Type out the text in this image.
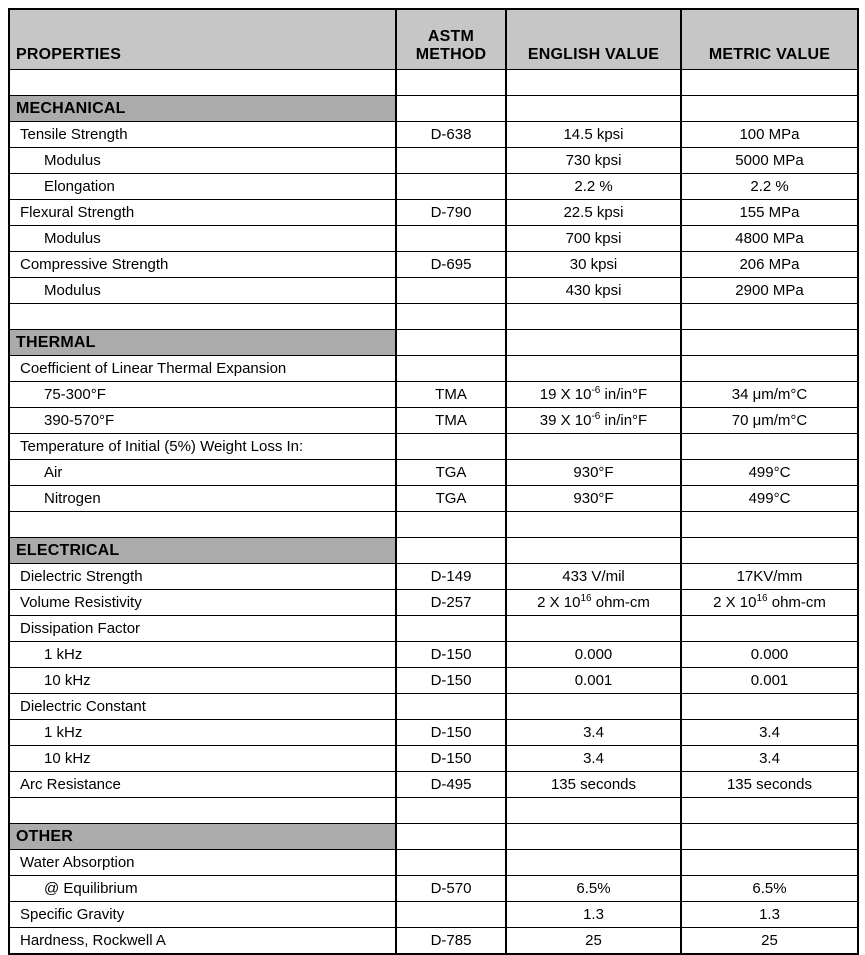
PROPERTIES	ASTM METHOD	ENGLISH VALUE	METRIC VALUE

MECHANICAL			
Tensile Strength	D-638	14.5 kpsi	100 MPa
Modulus		730 kpsi	5000 MPa
Elongation		2.2 %	2.2 %
Flexural Strength	D-790	22.5 kpsi	155 MPa
Modulus		700 kpsi	4800 MPa
Compressive Strength	D-695	30 kpsi	206 MPa
Modulus		430 kpsi	2900 MPa

THERMAL			
Coefficient of Linear Thermal Expansion			
75-300°F	TMA	19 X $10^{-6}$ in/in°F	34 μm/m°C
390-570°F	TMA	39 X $10^{-6}$ in/in°F	70 μm/m°C
Temperature of Initial (5%) Weight Loss In:			
Air	TGA	930°F	499°C
Nitrogen	TGA	930°F	499°C

ELECTRICAL			
Dielectric Strength	D-149	433 V/mil	17KV/mm
Volume Resistivity	D-257	2 X $10^{16}$ ohm-cm	2 X $10^{16}$ ohm-cm
Dissipation Factor			
1 kHz	D-150	0.000	0.000
10 kHz	D-150	0.001	0.001
Dielectric Constant			
1 kHz	D-150	3.4	3.4
10 kHz	D-150	3.4	3.4
Arc Resistance	D-495	135 seconds	135 seconds

OTHER			
Water Absorption			
@ Equilibrium	D-570	6.5%	6.5%
Specific Gravity		1.3	1.3
Hardness, Rockwell A	D-785	25	25
